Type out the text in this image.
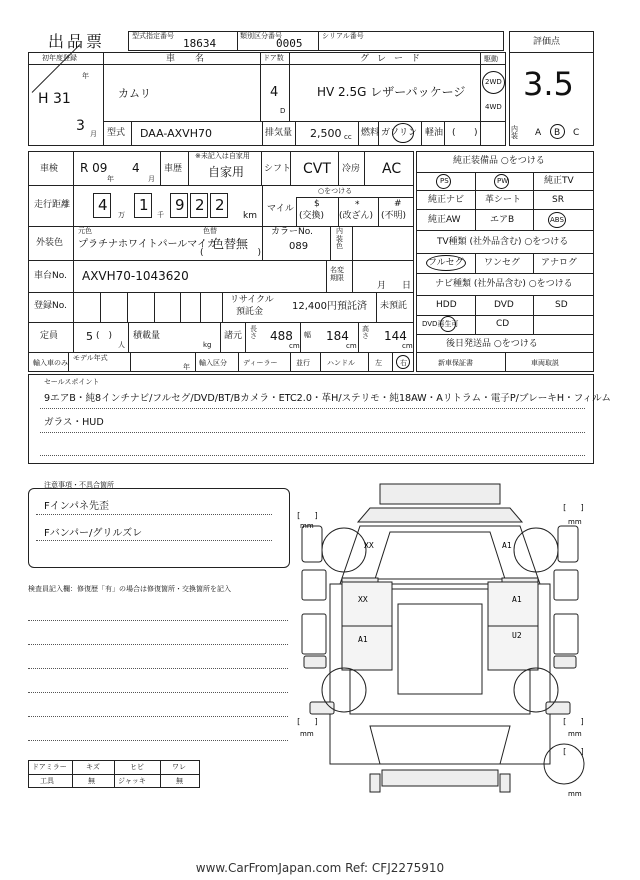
出品票	型式指定番号
18634
類別区分番号
0005
シリアル番号
評価点
3.5
初年度登録
H 31
年
3 月
車名
カムリ
ドア数
4
D
グレード
HV 2.5G レザーパッケージ
駆動
2WD
4WD
型式 DAA-AXVH70	排気量 2,500 cc 燃料 ガソリン 軽油 ( )	内装	A B C
車検 R 09
年
4
月
車歴
※未記入は自家用
自家用 シフト CVT 冷房 AC
走行距離 4
万
1
千
9 2 2
km
マイル
○をつける
$
(交換)
*
(改ざん)
#
(不明)
外装色
元色
プラチナホワイトパールマイカ
色替
色替無
(　　　　　　)
カラーNo.
089
内装色
車台No. AXVH70-1043620	名変期限
月 日
登録No.
リサイクル
預託金	12,400円預託済 未預託
定員	5 (　)
人
積載量
kg
諸元
長さ 488
cm
幅 184
cm
高さ 144
cm
輸入車のみ
モデル年式
年 輸入区分 ディーラー	並行 ハンドル	左	右
純正装備品 ○をつける
PS	PW	純正TV
純正ナビ 革シート	SR
純正AW	エアB	ABS
TV種類 (社外品含む) ○をつける
フルセグ ワンセグ アナログ
ナビ種類 (社外品含む) ○をつける
HDD	DVD	SD
DVD再生可	CD
後日発送品 ○をつける
新車保証書	車両取説
セールスポイント
9エアB・純8インチナビ/フルセグ/DVD/BT/Bカメラ・ETC2.0・革H/ステリモ・純18AW・Aリトラム・電子P/ブレーキH・フィルム
ガラス・HUD
注意事項・不具合箇所
Fインパネ先歪
Fバンパー/グリルズレ
検査員記入欄：修復歴「有」の場合は修復箇所・交換箇所を記入
[ ]
[ ]
[ ]	[ ]
[ ]
mm	mm
mm	mm
mm
XX	A1
XX	A1
A1	U2
ドアミラー	キズ	ヒビ	ワレ
工具	無	ジャッキ	無
www.CarFromJapan.com Ref: CFJ2275910
